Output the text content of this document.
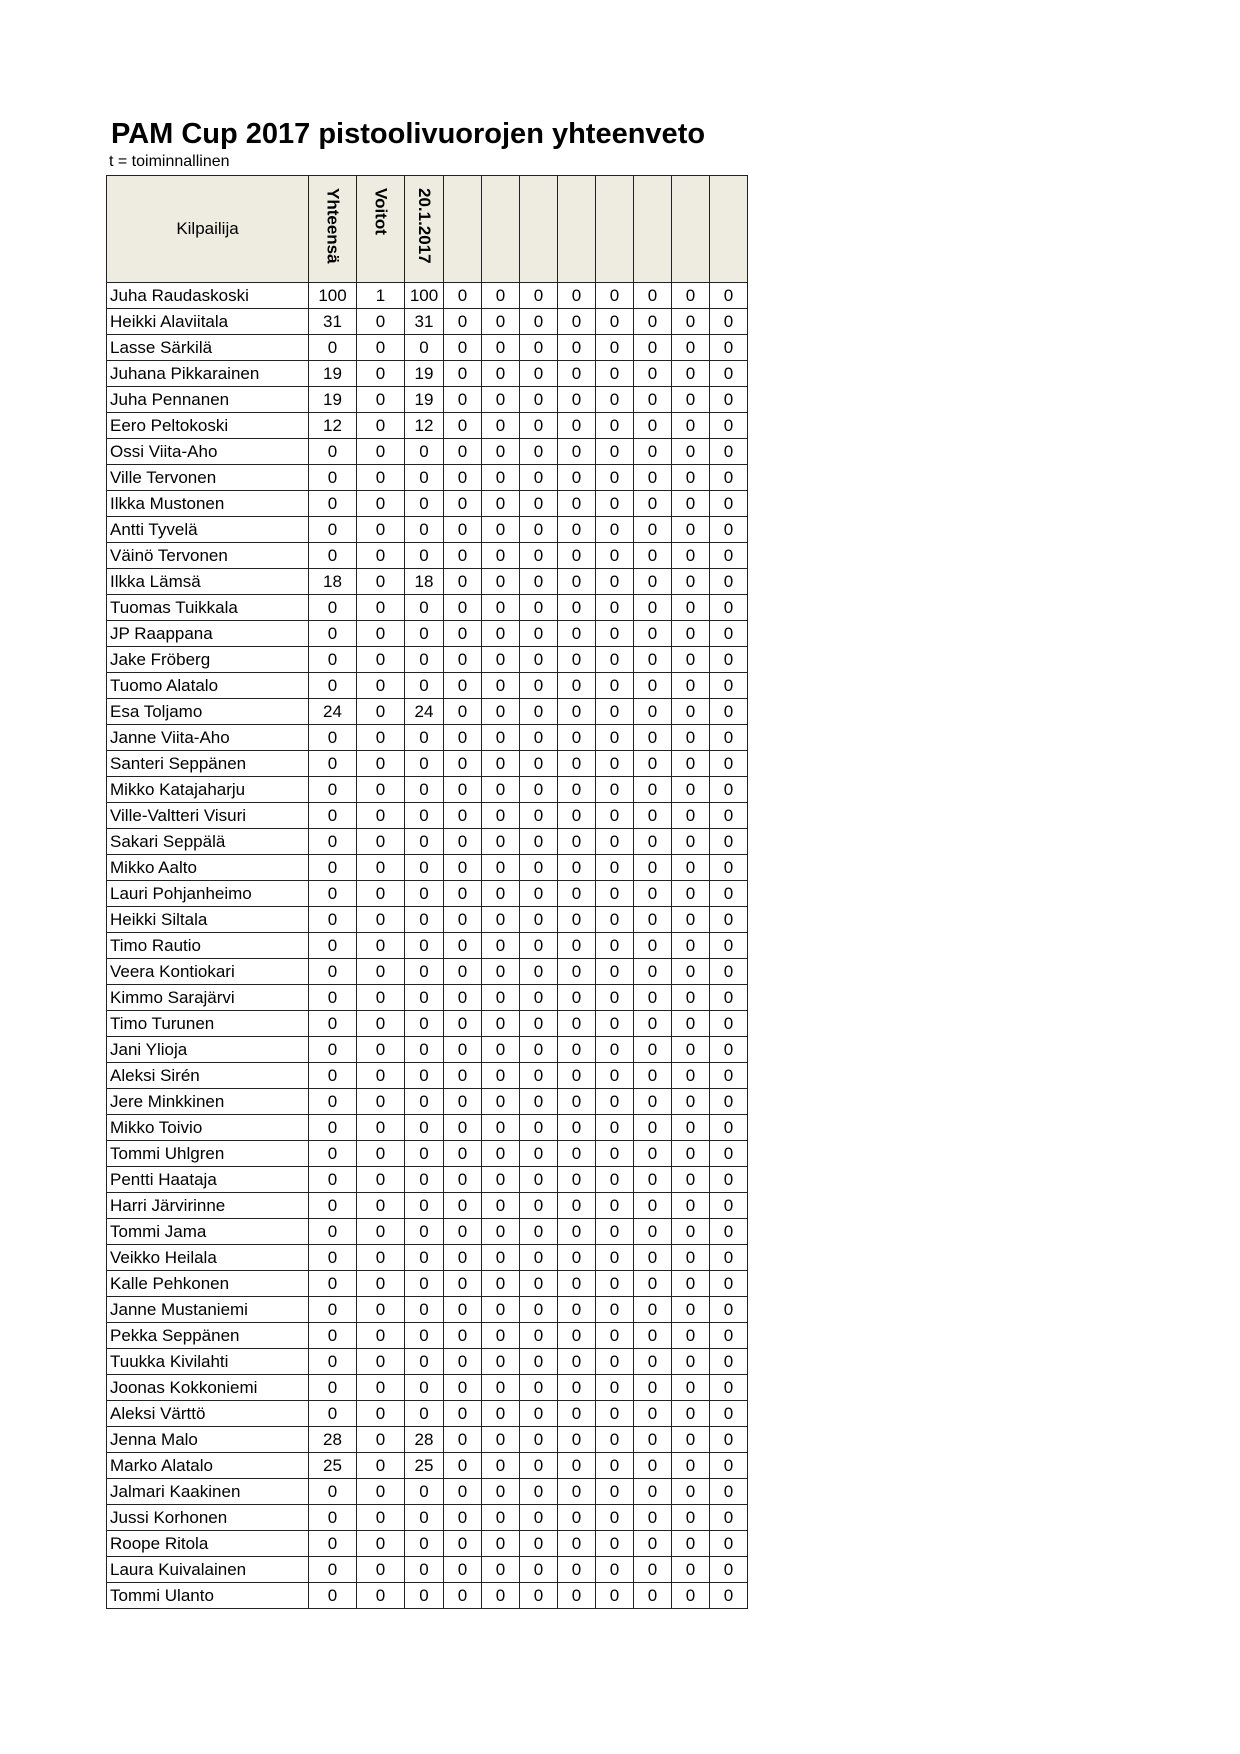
PAM Cup 2017 pistoolivuorojen yhteenveto
t = toiminnallinen
Kilpailija	Yhteensä	Voitot	20.1.2017								
Juha Raudaskoski	100	1	100	0	0	0	0	0	0	0	0
Heikki Alaviitala	31	0	31	0	0	0	0	0	0	0	0
Lasse Särkilä	0	0	0	0	0	0	0	0	0	0	0
Juhana Pikkarainen	19	0	19	0	0	0	0	0	0	0	0
Juha Pennanen	19	0	19	0	0	0	0	0	0	0	0
Eero Peltokoski	12	0	12	0	0	0	0	0	0	0	0
Ossi Viita-Aho	0	0	0	0	0	0	0	0	0	0	0
Ville Tervonen	0	0	0	0	0	0	0	0	0	0	0
Ilkka Mustonen	0	0	0	0	0	0	0	0	0	0	0
Antti Tyvelä	0	0	0	0	0	0	0	0	0	0	0
Väinö Tervonen	0	0	0	0	0	0	0	0	0	0	0
Ilkka Lämsä	18	0	18	0	0	0	0	0	0	0	0
Tuomas Tuikkala	0	0	0	0	0	0	0	0	0	0	0
JP Raappana	0	0	0	0	0	0	0	0	0	0	0
Jake Fröberg	0	0	0	0	0	0	0	0	0	0	0
Tuomo Alatalo	0	0	0	0	0	0	0	0	0	0	0
Esa Toljamo	24	0	24	0	0	0	0	0	0	0	0
Janne Viita-Aho	0	0	0	0	0	0	0	0	0	0	0
Santeri Seppänen	0	0	0	0	0	0	0	0	0	0	0
Mikko Katajaharju	0	0	0	0	0	0	0	0	0	0	0
Ville-Valtteri Visuri	0	0	0	0	0	0	0	0	0	0	0
Sakari Seppälä	0	0	0	0	0	0	0	0	0	0	0
Mikko Aalto	0	0	0	0	0	0	0	0	0	0	0
Lauri Pohjanheimo	0	0	0	0	0	0	0	0	0	0	0
Heikki Siltala	0	0	0	0	0	0	0	0	0	0	0
Timo Rautio	0	0	0	0	0	0	0	0	0	0	0
Veera Kontiokari	0	0	0	0	0	0	0	0	0	0	0
Kimmo Sarajärvi	0	0	0	0	0	0	0	0	0	0	0
Timo Turunen	0	0	0	0	0	0	0	0	0	0	0
Jani Ylioja	0	0	0	0	0	0	0	0	0	0	0
Aleksi Sirén	0	0	0	0	0	0	0	0	0	0	0
Jere Minkkinen	0	0	0	0	0	0	0	0	0	0	0
Mikko Toivio	0	0	0	0	0	0	0	0	0	0	0
Tommi Uhlgren	0	0	0	0	0	0	0	0	0	0	0
Pentti Haataja	0	0	0	0	0	0	0	0	0	0	0
Harri Järvirinne	0	0	0	0	0	0	0	0	0	0	0
Tommi Jama	0	0	0	0	0	0	0	0	0	0	0
Veikko Heilala	0	0	0	0	0	0	0	0	0	0	0
Kalle Pehkonen	0	0	0	0	0	0	0	0	0	0	0
Janne Mustaniemi	0	0	0	0	0	0	0	0	0	0	0
Pekka Seppänen	0	0	0	0	0	0	0	0	0	0	0
Tuukka Kivilahti	0	0	0	0	0	0	0	0	0	0	0
Joonas Kokkoniemi	0	0	0	0	0	0	0	0	0	0	0
Aleksi Värttö	0	0	0	0	0	0	0	0	0	0	0
Jenna Malo	28	0	28	0	0	0	0	0	0	0	0
Marko Alatalo	25	0	25	0	0	0	0	0	0	0	0
Jalmari Kaakinen	0	0	0	0	0	0	0	0	0	0	0
Jussi Korhonen	0	0	0	0	0	0	0	0	0	0	0
Roope Ritola	0	0	0	0	0	0	0	0	0	0	0
Laura Kuivalainen	0	0	0	0	0	0	0	0	0	0	0
Tommi Ulanto	0	0	0	0	0	0	0	0	0	0	0
